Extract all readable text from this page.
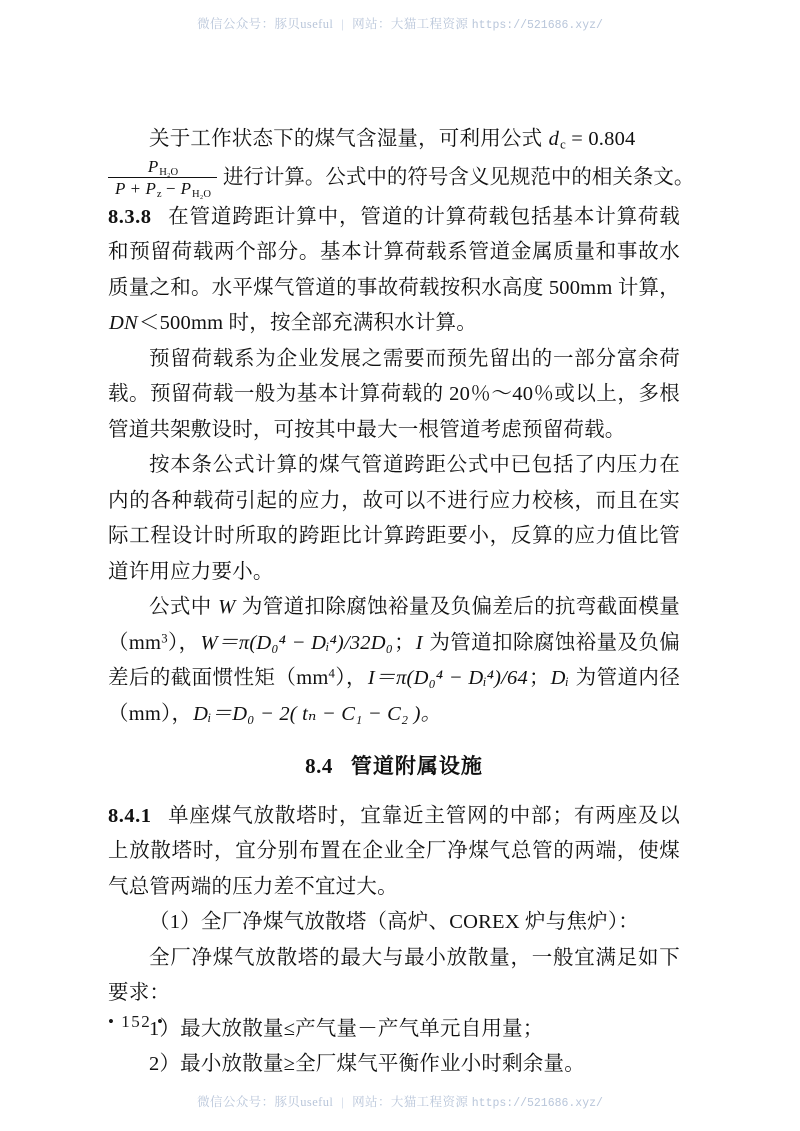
微信公众号：豚贝useful | 网站：大猫工程资源 https://521686.xyz/

关于工作状态下的煤气含湿量，可利用公式 $d_c = 0.804$

$\frac{P_{H_2O}}{P + P_z - P_{H_2O}}$ 进行计算。公式中的符号含义见规范中的相关条文。

8.3.8 在管道跨距计算中，管道的计算荷载包括基本计算荷载和预留荷载两个部分。基本计算荷载系管道金属质量和事故水质量之和。水平煤气管道的事故荷载按积水高度 500mm 计算，DN＜500mm 时，按全部充满积水计算。

预留荷载系为企业发展之需要而预先留出的一部分富余荷载。预留荷载一般为基本计算荷载的 20％～40％或以上，多根管道共架敷设时，可按其中最大一根管道考虑预留荷载。

按本条公式计算的煤气管道跨距公式中已包括了内压力在内的各种载荷引起的应力，故可以不进行应力校核，而且在实际工程设计时所取的跨距比计算跨距要小，反算的应力值比管道许用应力要小。

公式中 W 为管道扣除腐蚀裕量及负偏差后的抗弯截面模量$(mm^3)$，W＝π(D₀⁴ − Dᵢ⁴)/32D₀；I 为管道扣除腐蚀裕量及负偏差后的截面惯性矩$(mm^4)$，I＝π(D₀⁴ − Dᵢ⁴)/64；Dᵢ 为管道内径（mm），Dᵢ＝D₀ − 2( tₙ − C₁ − C₂ )。

8.4 管道附属设施

8.4.1 单座煤气放散塔时，宜靠近主管网的中部；有两座及以上放散塔时，宜分别布置在企业全厂净煤气总管的两端，使煤气总管两端的压力差不宜过大。

（1）全厂净煤气放散塔（高炉、COREX 炉与焦炉）：

全厂净煤气放散塔的最大与最小放散量，一般宜满足如下要求：

1）最大放散量≤产气量－产气单元自用量；

2）最小放散量≥全厂煤气平衡作业小时剩余量。

• 152 •
微信公众号：豚贝useful | 网站：大猫工程资源 https://521686.xyz/
